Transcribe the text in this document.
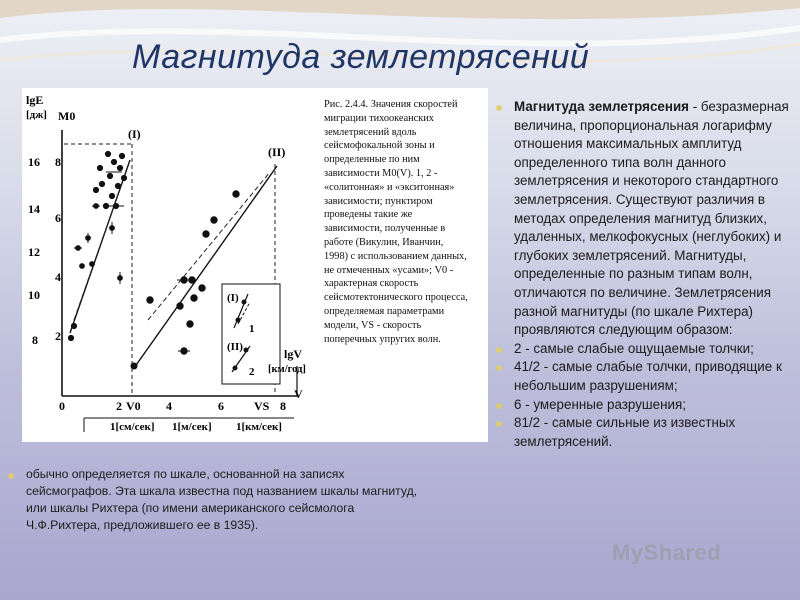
Магнитуда землетрясений
lgE
[дж] M0
16
14
12
10
8
8
6
4
2
(I)
(II)
(I)
(II)
1
2
0	2	4	6	8
V0	VS
V
lgV
[км/год]
1[см/сек] 1[м/сек] 1[км/сек]
Рис. 2.4.4. Значения скоростей
миграции тихоокеанских
землетрясений вдоль
сейсмофокальной зоны и
определенные по ним
зависимости M0(V). 1, 2 -
«солитонная» и «экситонная»
зависимости; пунктиром
проведены такие же
зависимости, полученные в
работе (Викулин, Иванчин,
1998) с использованием данных,
не отмеченных «усами»; V0 -
характерная скорость
сейсмотектонического процесса,
определяемая параметрами
модели, VS - скорость
поперечных упругих волн.

■ Магнитуда землетрясения - безразмерная величина, пропорциональная логарифму отношения максимальных амплитуд определенного типа волн данного землетрясения и некоторого стандартного землетрясения. Существуют различия в методах определения магнитуд близких, удаленных, мелкофокусных (неглубоких) и глубоких землетрясений. Магнитуды, определенные по разным типам волн, отличаются по величине. Землетрясения разной магнитуды (по шкале Рихтера) проявляются следующим образом:

■ 2 - самые слабые ощущаемые толчки;

■ 41/2 - самые слабые толчки, приводящие к небольшим разрушениям;

■ 6 - умеренные разрушения;

■ 81/2 - самые сильные из известных землетрясений.

■ обычно определяется по шкале, основанной на записях сейсмографов. Эта шкала известна под названием шкалы магнитуд, или шкалы Рихтера (по имени американского сейсмолога Ч.Ф.Рихтера, предложившего ее в 1935).
MyShared
